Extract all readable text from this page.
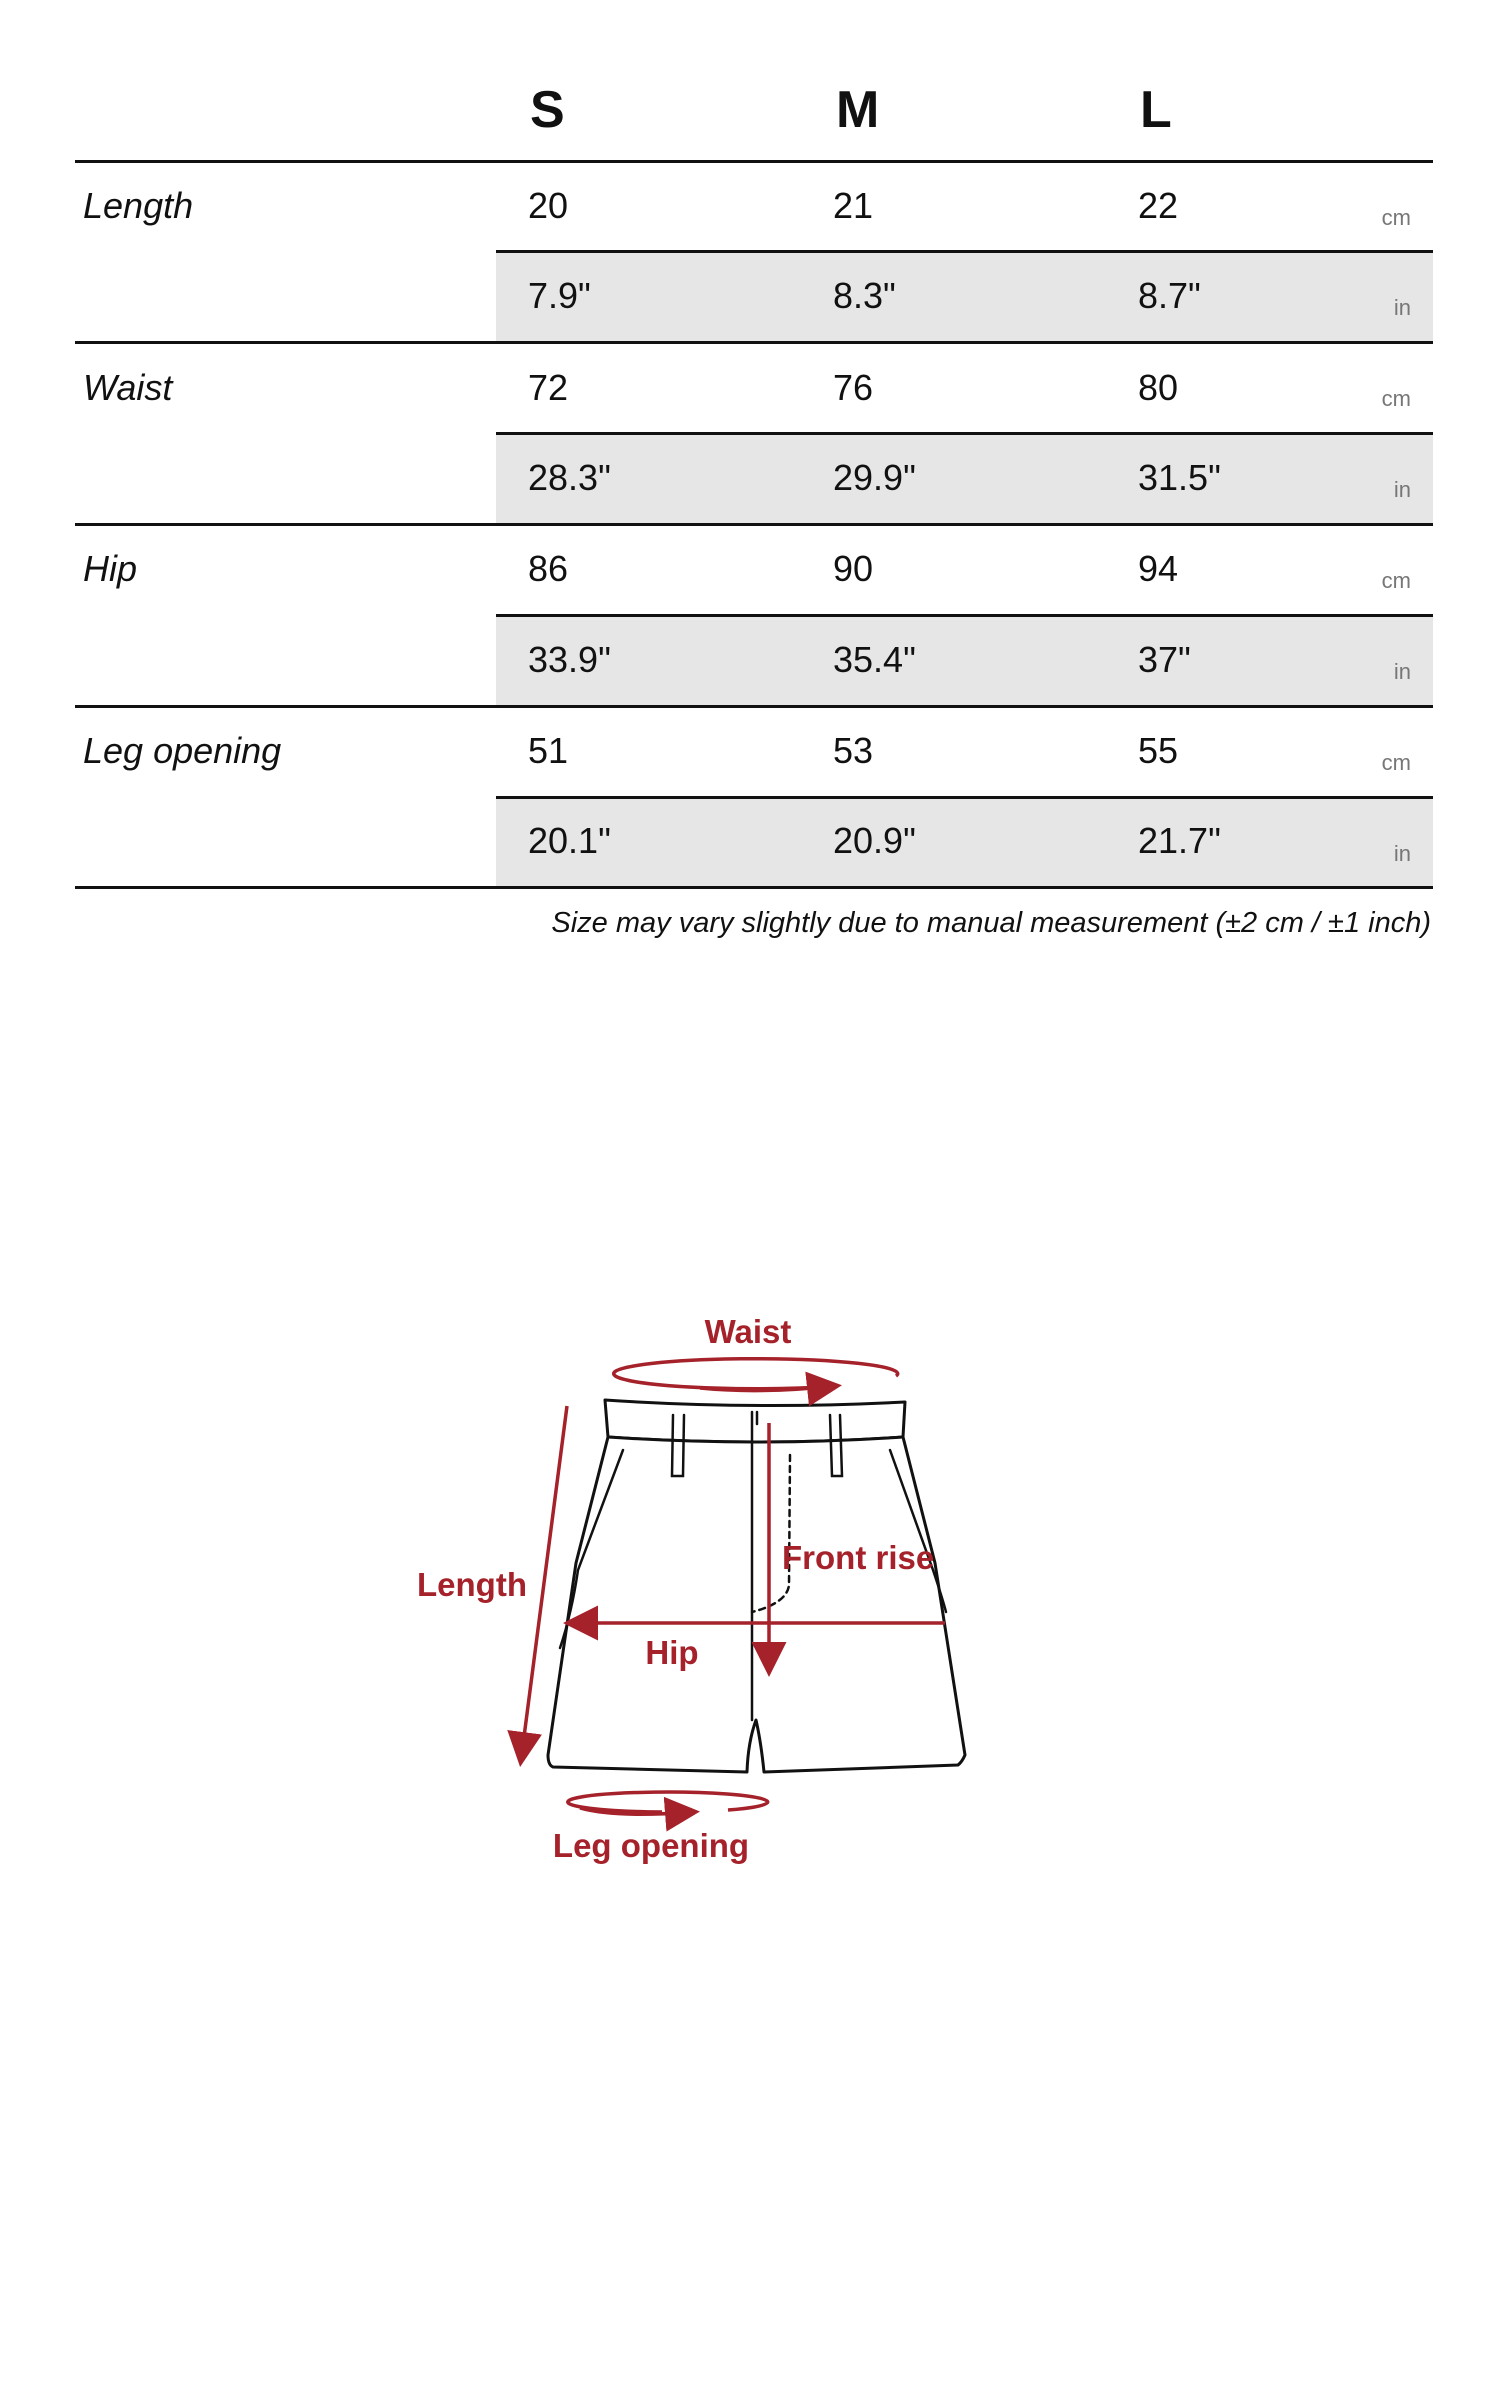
S	M	L
Length	20	21	22	cm
7.9"	8.3"	8.7"	in
Waist	72	76	80	cm
28.3"	29.9"	31.5"	in
Hip	86	90	94	cm
33.9"	35.4"	37"	in
Leg opening	51	53	55	cm
20.1"	20.9"	21.7"	in
Size may vary slightly due to manual measurement (±2 cm / ±1 inch)
Waist
Length
Front rise
Hip
Leg opening
